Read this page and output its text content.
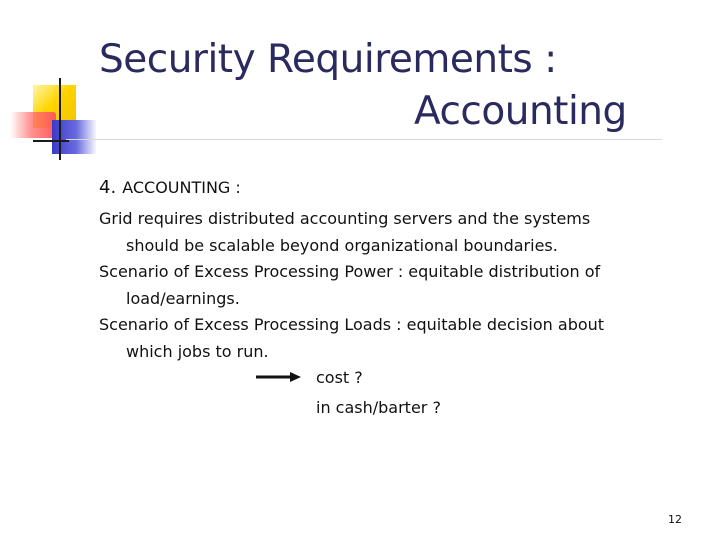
Security Requirements :
Accounting

4. ACCOUNTING :

Grid requires distributed accounting servers and the systems
should be scalable beyond organizational boundaries.

Scenario of Excess Processing Power : equitable distribution of
load/earnings.

Scenario of Excess Processing Loads : equitable decision about
which jobs to run.

cost ?

in cash/barter ?

12
